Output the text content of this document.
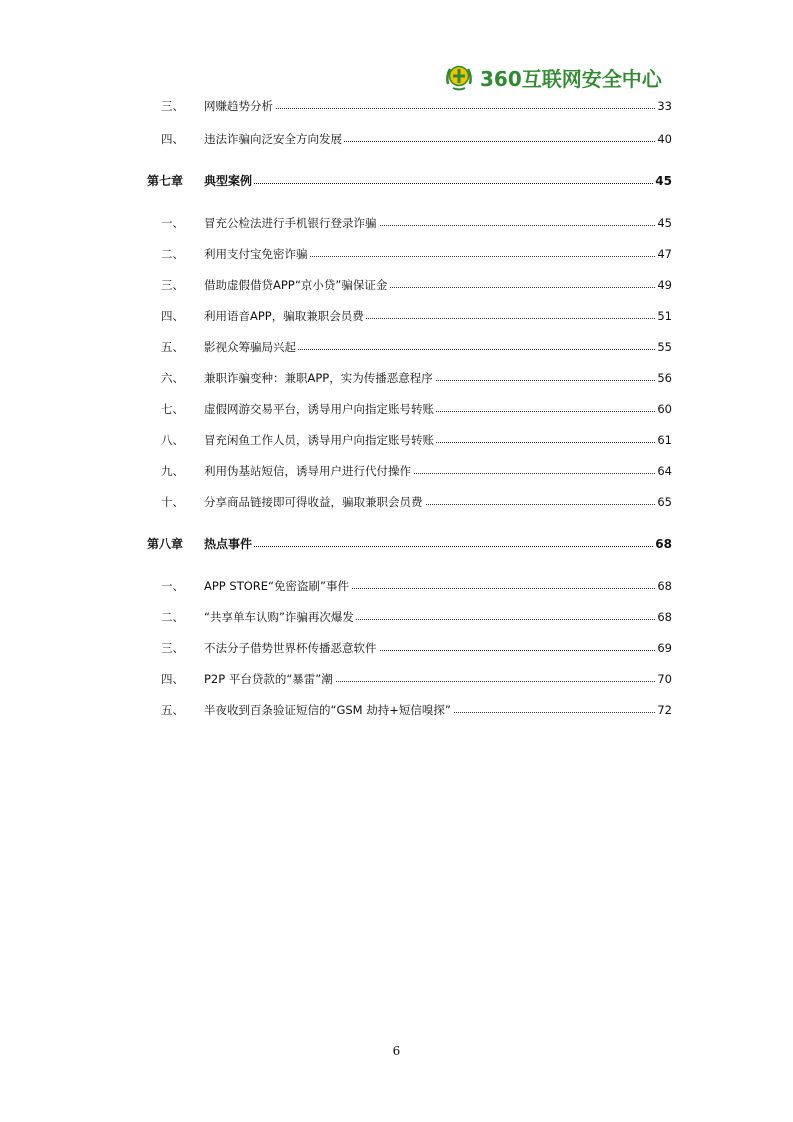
360互联网安全中心
三、 网赚趋势分析	33
四、 违法诈骗向泛安全方向发展	40
第七章 典型案例	45
一、 冒充公检法进行手机银行登录诈骗	45
二、 利用支付宝免密诈骗	47
三、 借助虚假借贷APP“京小贷”骗保证金	49
四、 利用语音APP，骗取兼职会员费	51
五、 影视众筹骗局兴起	55
六、 兼职诈骗变种：兼职APP，实为传播恶意程序	56
七、 虚假网游交易平台，诱导用户向指定账号转账	60
八、 冒充闲鱼工作人员，诱导用户向指定账号转账	61
九、 利用伪基站短信，诱导用户进行代付操作	64
十、 分享商品链接即可得收益，骗取兼职会员费	65
第八章 热点事件	68
一、 APP STORE“免密盗刷”事件	68
二、 “共享单车认购”诈骗再次爆发	68
三、 不法分子借势世界杯传播恶意软件	69
四、 P2P 平台贷款的“暴雷”潮	70
五、 半夜收到百条验证短信的“GSM 劫持+短信嗅探”	72
6
